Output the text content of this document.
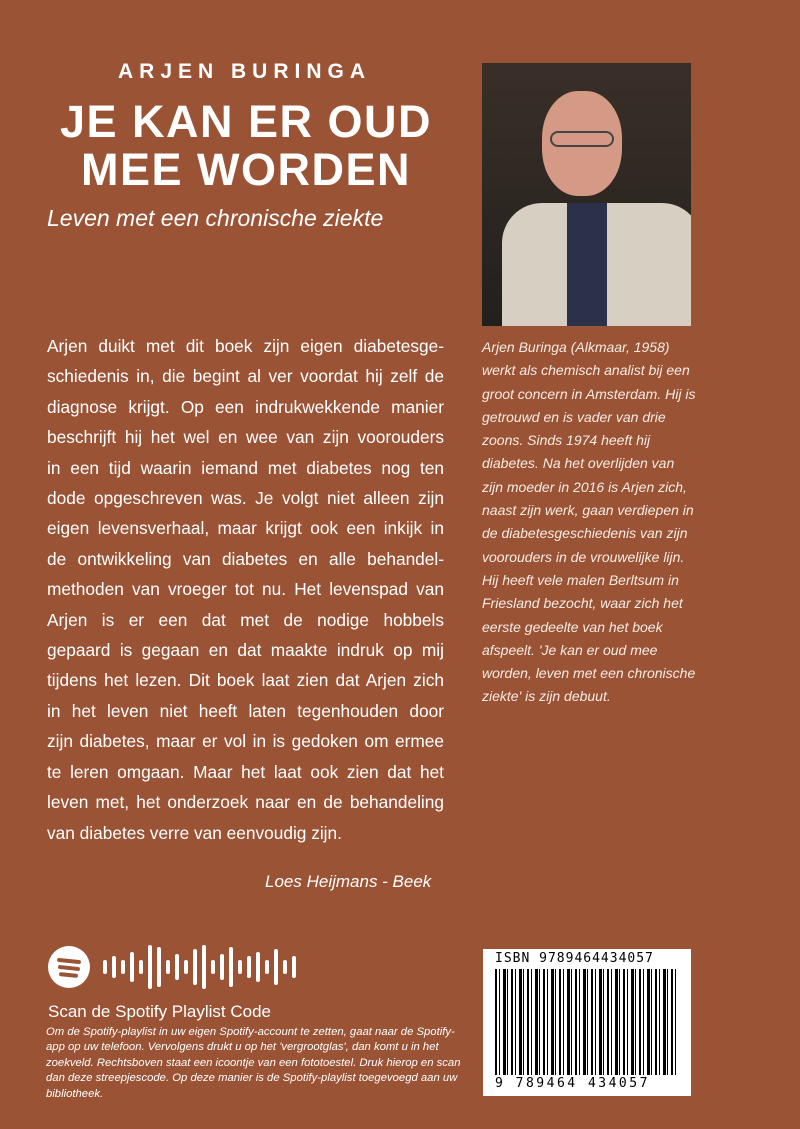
ARJEN BURINGA
JE KAN ER OUD
MEE WORDEN
Leven met een chronische ziekte
Arjen duikt met dit boek zijn eigen diabetesge-
schiedenis in, die begint al ver voordat hij zelf de
diagnose krijgt. Op een indrukwekkende manier
beschrijft hij het wel en wee van zijn voorouders
in een tijd waarin iemand met diabetes nog ten
dode opgeschreven was. Je volgt niet alleen zijn
eigen levensverhaal, maar krijgt ook een inkijk in
de ontwikkeling van diabetes en alle behandel-
methoden van vroeger tot nu. Het levenspad van
Arjen is er een dat met de nodige hobbels
gepaard is gegaan en dat maakte indruk op mij
tijdens het lezen. Dit boek laat zien dat Arjen zich
in het leven niet heeft laten tegenhouden door
zijn diabetes, maar er vol in is gedoken om ermee
te leren omgaan. Maar het laat ook zien dat het
leven met, het onderzoek naar en de behandeling
van diabetes verre van eenvoudig zijn.
Loes Heijmans - Beek
Arjen Buringa (Alkmaar, 1958) werkt als chemisch analist bij een groot concern in Amsterdam. Hij is getrouwd en is vader van drie zoons. Sinds 1974 heeft hij diabetes. Na het overlijden van zijn moeder in 2016 is Arjen zich, naast zijn werk, gaan verdiepen in de diabetesgeschiedenis van zijn voorouders in de vrouwelijke lijn. Hij heeft vele malen Berltsum in Friesland bezocht, waar zich het eerste gedeelte van het boek afspeelt. 'Je kan er oud mee worden, leven met een chronische ziekte' is zijn debuut.
Scan de Spotify Playlist Code
Om de Spotify-playlist in uw eigen Spotify-account te zetten, gaat naar de Spotify-app op uw telefoon. Vervolgens drukt u op het 'vergrootglas', dan komt u in het zoekveld. Rechtsboven staat een icoontje van een fototoestel. Druk hierop en scan dan deze streepjescode. Op deze manier is de Spotify-playlist toegevoegd aan uw bibliotheek.
ISBN 9789464434057
9 789464 434057
